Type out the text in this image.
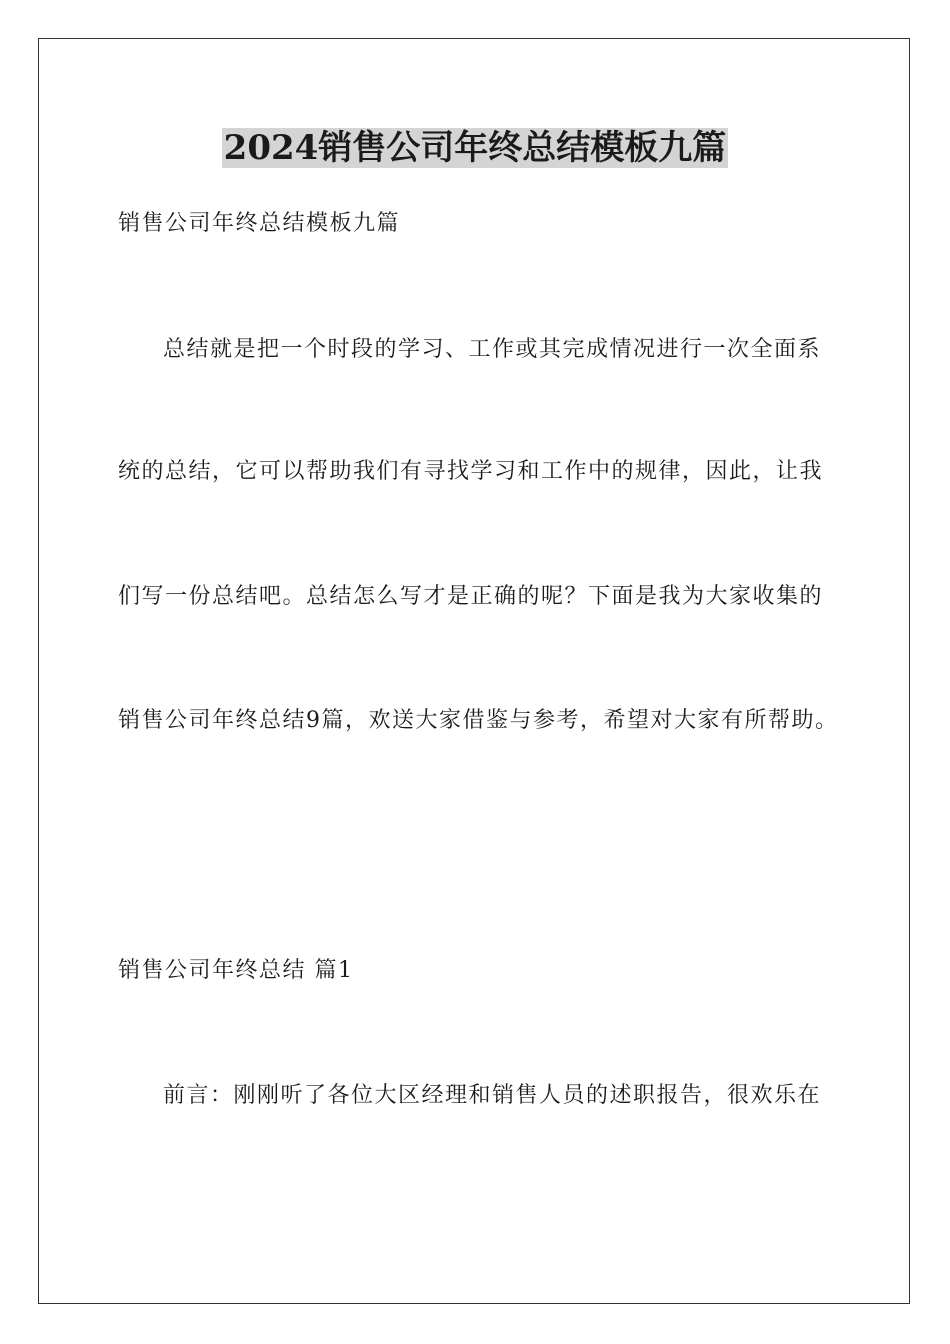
2024销售公司年终总结模板九篇

销售公司年终总结模板九篇

总结就是把一个时段的学习、工作或其完成情况进行一次全面系

统的总结，它可以帮助我们有寻找学习和工作中的规律，因此，让我

们写一份总结吧。总结怎么写才是正确的呢？下面是我为大家收集的

销售公司年终总结9篇，欢送大家借鉴与参考，希望对大家有所帮助。

销售公司年终总结 篇1

前言：刚刚听了各位大区经理和销售人员的述职报告，很欢乐在
